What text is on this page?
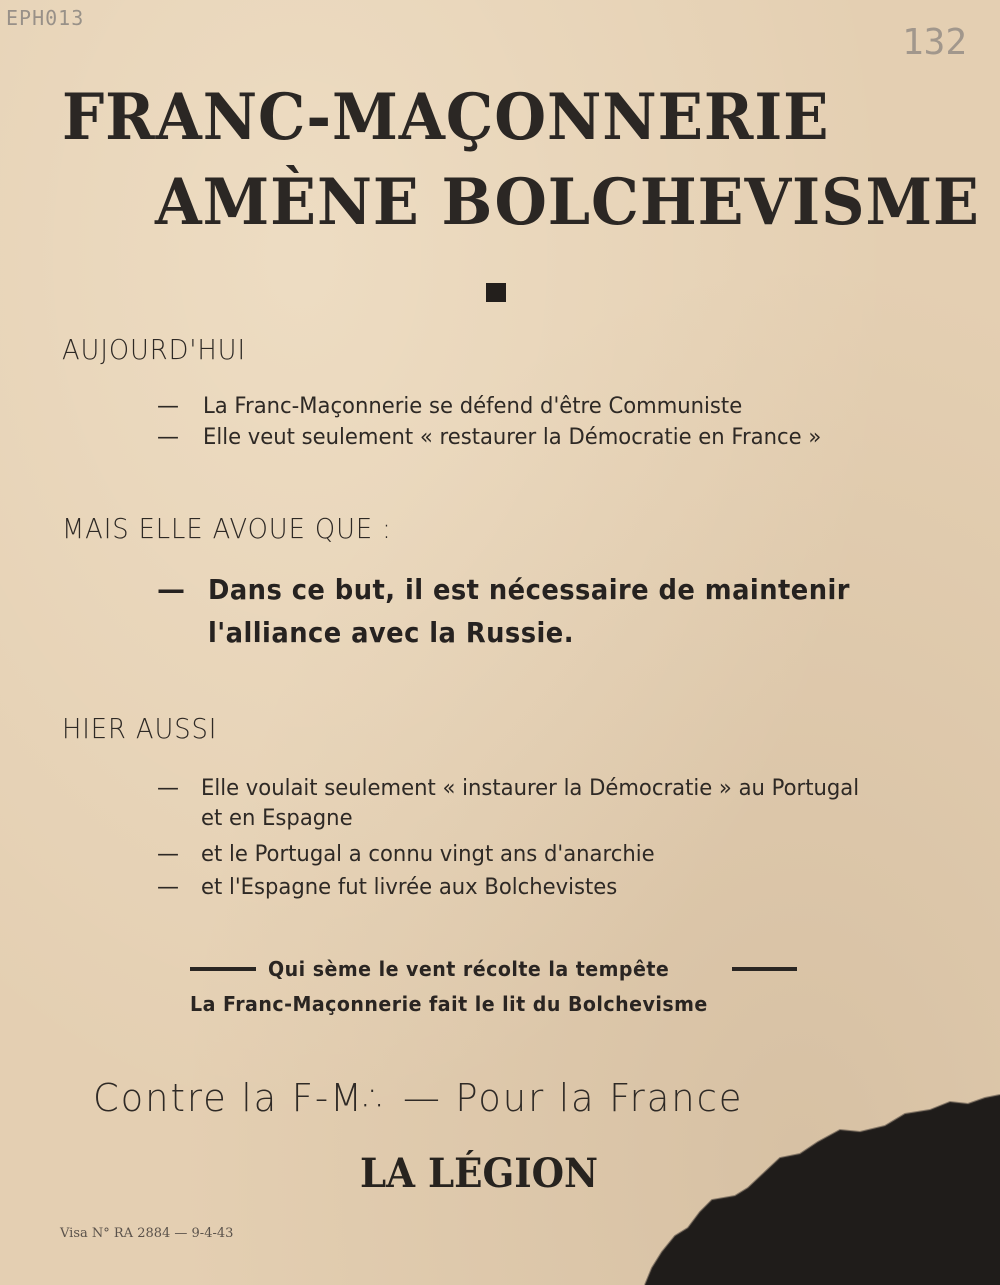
EPH013
132
FRANC-MAÇONNERIE
AMÈNE BOLCHEVISME
AUJOURD'HUI
— La Franc-Maçonnerie se défend d'être Communiste
— Elle veut seulement « restaurer la Démocratie en France »
MAIS ELLE AVOUE QUE :
— Dans ce but, il est nécessaire de maintenir
l'alliance avec la Russie.
HIER AUSSI
— Elle voulait seulement « instaurer la Démocratie » au Portugal
et en Espagne
— et le Portugal a connu vingt ans d'anarchie
— et l'Espagne fut livrée aux Bolchevistes
Qui sème le vent récolte la tempête
La Franc-Maçonnerie fait le lit du Bolchevisme
Contre la F-M∴ — Pour la France
LA LÉGION
Visa N° RA 2884 — 9-4-43
